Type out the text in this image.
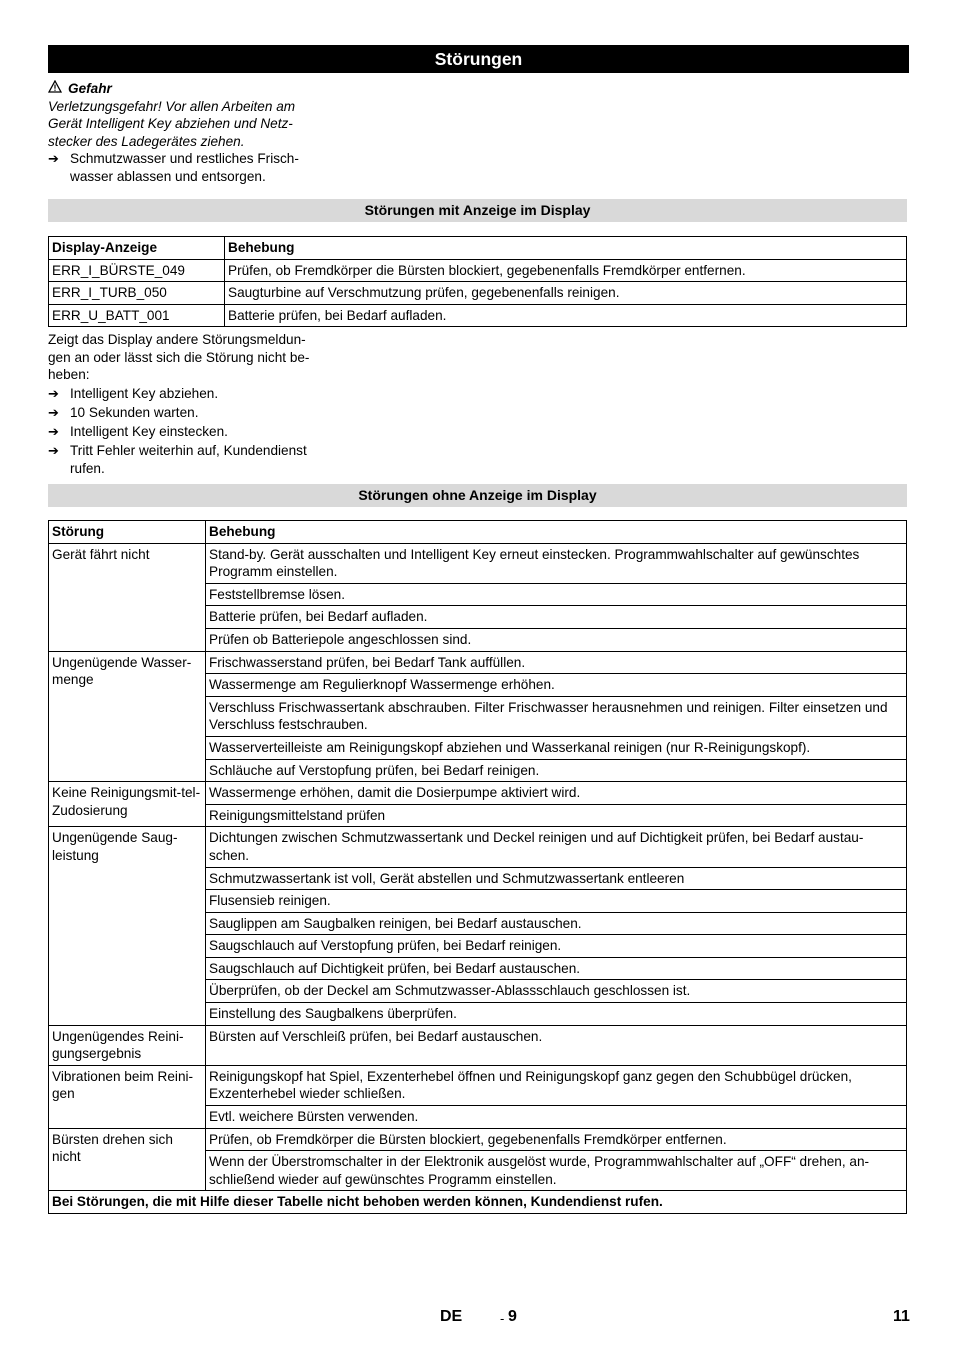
Störungen
Gefahr
Verletzungsgefahr! Vor allen Arbeiten am Gerät Intelligent Key abziehen und Netz-stecker des Ladegerätes ziehen.
➔ Schmutzwasser und restliches Frisch-wasser ablassen und entsorgen.

Störungen mit Anzeige im Display
Display-Anzeige	Behebung
ERR_I_BÜRSTE_049	Prüfen, ob Fremdkörper die Bürsten blockiert, gegebenenfalls Fremdkörper entfernen.
ERR_I_TURB_050	Saugturbine auf Verschmutzung prüfen, gegebenenfalls reinigen.
ERR_U_BATT_001	Batterie prüfen, bei Bedarf aufladen.
Zeigt das Display andere Störungsmeldun-gen an oder lässt sich die Störung nicht be-heben:
➔ Intelligent Key abziehen.

➔ 10 Sekunden warten.

➔ Intelligent Key einstecken.

➔ Tritt Fehler weiterhin auf, Kundendienst rufen.

Störungen ohne Anzeige im Display
Störung	Behebung
Gerät fährt nicht	Stand-by. Gerät ausschalten und Intelligent Key erneut einstecken. Programmwahlschalter auf gewünschtes Programm einstellen.
	Feststellbremse lösen.
	Batterie prüfen, bei Bedarf aufladen.
	Prüfen ob Batteriepole angeschlossen sind.
Ungenügende Wasser-menge	Frischwasserstand prüfen, bei Bedarf Tank auffüllen.
	Wassermenge am Regulierknopf Wassermenge erhöhen.
	Verschluss Frischwassertank abschrauben. Filter Frischwasser herausnehmen und reinigen. Filter einsetzen und Verschluss festschrauben.
	Wasserverteilleiste am Reinigungskopf abziehen und Wasserkanal reinigen (nur R-Reinigungskopf).
	Schläuche auf Verstopfung prüfen, bei Bedarf reinigen.
Keine Reinigungsmit-tel-Zudosierung	Wassermenge erhöhen, damit die Dosierpumpe aktiviert wird.
	Reinigungsmittelstand prüfen
Ungenügende Saug-leistung	Dichtungen zwischen Schmutzwassertank und Deckel reinigen und auf Dichtigkeit prüfen, bei Bedarf austau-schen.
	Schmutzwassertank ist voll, Gerät abstellen und Schmutzwassertank entleeren
	Flusensieb reinigen.
	Sauglippen am Saugbalken reinigen, bei Bedarf austauschen.
	Saugschlauch auf Verstopfung prüfen, bei Bedarf reinigen.
	Saugschlauch auf Dichtigkeit prüfen, bei Bedarf austauschen.
	Überprüfen, ob der Deckel am Schmutzwasser-Ablassschlauch geschlossen ist.
	Einstellung des Saugbalkens überprüfen.
Ungenügendes Reini-gungsergebnis	Bürsten auf Verschleiß prüfen, bei Bedarf austauschen.
Vibrationen beim Reini-gen	Reinigungskopf hat Spiel, Exzenterhebel öffnen und Reinigungskopf ganz gegen den Schubbügel drücken, Exzenterhebel wieder schließen.
	Evtl. weichere Bürsten verwenden.
Bürsten drehen sich nicht	Prüfen, ob Fremdkörper die Bürsten blockiert, gegebenenfalls Fremdkörper entfernen.
	Wenn der Überstromschalter in der Elektronik ausgelöst wurde, Programmwahlschalter auf „OFF“ drehen, an-schließend wieder auf gewünschtes Programm einstellen.
Bei Störungen, die mit Hilfe dieser Tabelle nicht behoben werden können, Kundendienst rufen.	
DE	- 9	11
